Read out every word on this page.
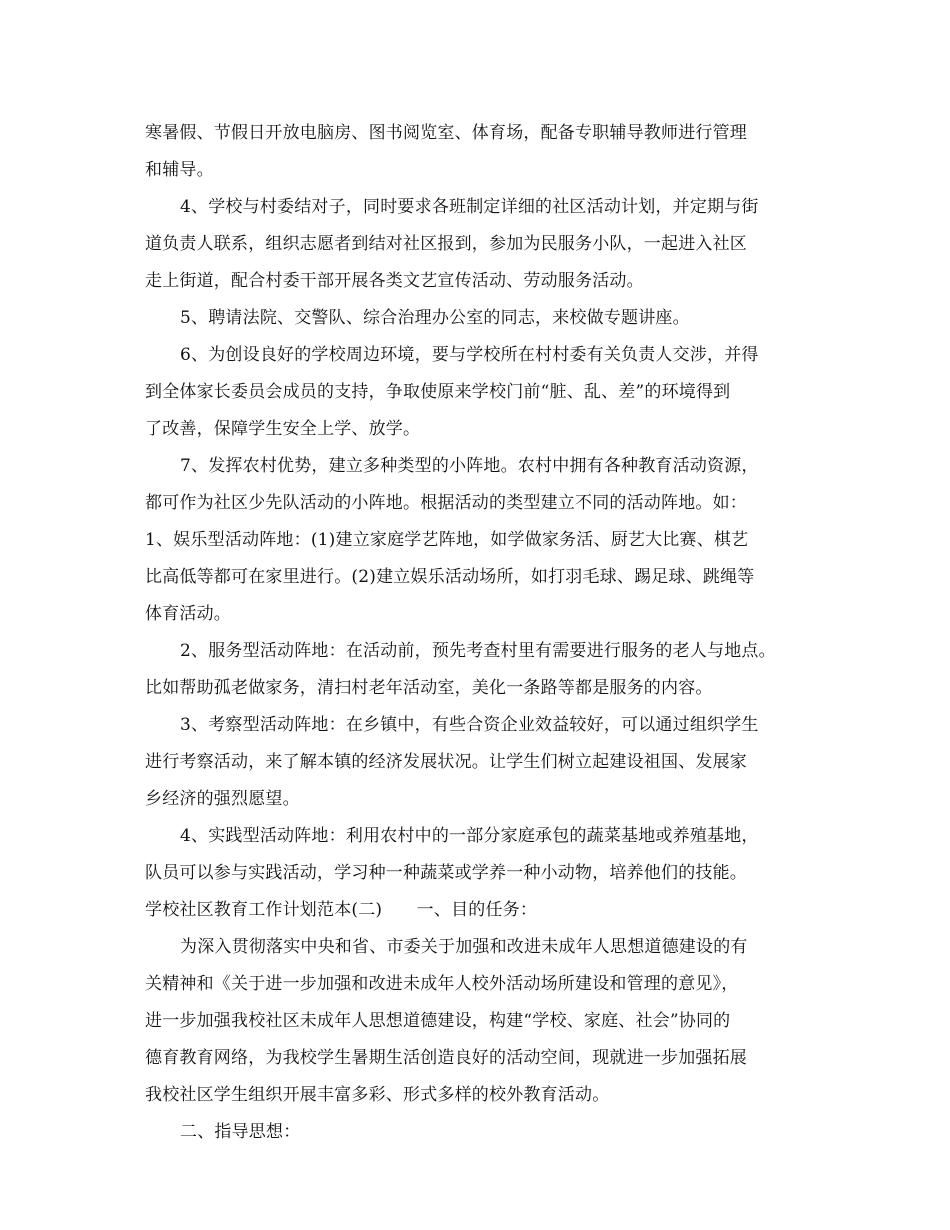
寒暑假、节假日开放电脑房、图书阅览室、体育场，配备专职辅导教师进行管理
和辅导。
4、学校与村委结对子，同时要求各班制定详细的社区活动计划，并定期与街
道负责人联系，组织志愿者到结对社区报到，参加为民服务小队，一起进入社区
走上街道，配合村委干部开展各类文艺宣传活动、劳动服务活动。
5、聘请法院、交警队、综合治理办公室的同志，来校做专题讲座。
6、为创设良好的学校周边环境，要与学校所在村村委有关负责人交涉，并得
到全体家长委员会成员的支持，争取使原来学校门前“脏、乱、差”的环境得到
了改善，保障学生安全上学、放学。
7、发挥农村优势，建立多种类型的小阵地。农村中拥有各种教育活动资源，
都可作为社区少先队活动的小阵地。根据活动的类型建立不同的活动阵地。如：
1、娱乐型活动阵地：(1)建立家庭学艺阵地，如学做家务活、厨艺大比赛、棋艺
比高低等都可在家里进行。(2)建立娱乐活动场所，如打羽毛球、踢足球、跳绳等
体育活动。
2、服务型活动阵地：在活动前，预先考查村里有需要进行服务的老人与地点。
比如帮助孤老做家务，清扫村老年活动室，美化一条路等都是服务的内容。
3、考察型活动阵地：在乡镇中，有些合资企业效益较好，可以通过组织学生
进行考察活动，来了解本镇的经济发展状况。让学生们树立起建设祖国、发展家
乡经济的强烈愿望。
4、实践型活动阵地：利用农村中的一部分家庭承包的蔬菜基地或养殖基地，
队员可以参与实践活动，学习种一种蔬菜或学养一种小动物，培养他们的技能。
学校社区教育工作计划范本(二)　　一、目的任务：
为深入贯彻落实中央和省、市委关于加强和改进未成年人思想道德建设的有
关精神和《关于进一步加强和改进未成年人校外活动场所建设和管理的意见》，
进一步加强我校社区未成年人思想道德建设，构建“学校、家庭、社会”协同的
德育教育网络，为我校学生暑期生活创造良好的活动空间，现就进一步加强拓展
我校社区学生组织开展丰富多彩、形式多样的校外教育活动。
二、指导思想：
